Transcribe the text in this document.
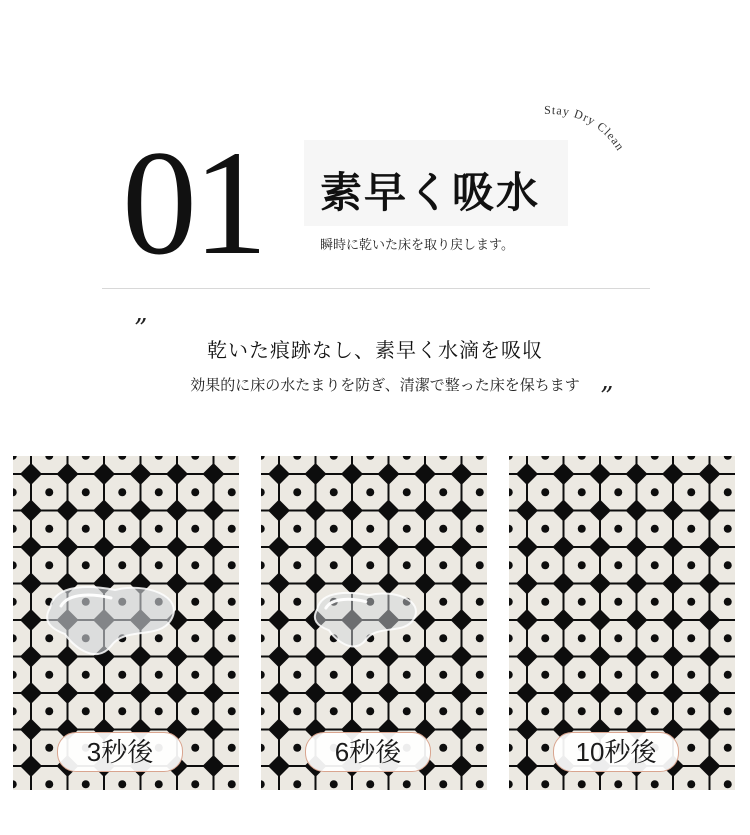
01 素早く吸水
瞬時に乾いた床を取り戻します。
Stay Dry Clean
”
乾いた痕跡なし、素早く水滴を吸収
効果的に床の水たまりを防ぎ、清潔で整った床を保ちます ”
3秒後	6秒後	10秒後
